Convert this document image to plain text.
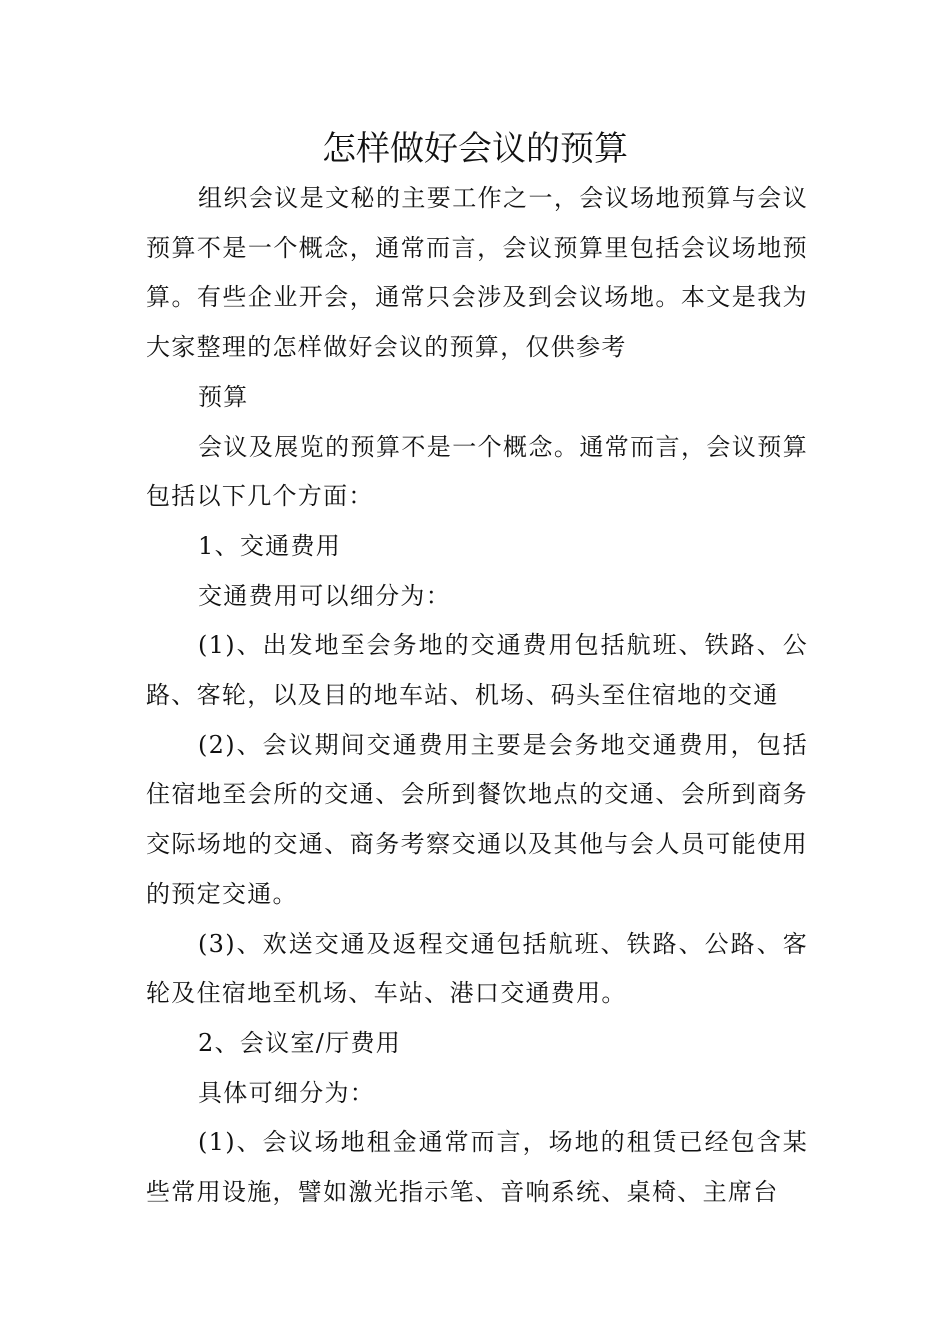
怎样做好会议的预算

组织会议是文秘的主要工作之一，会议场地预算与会议预算不是一个概念，通常而言，会议预算里包括会议场地预算。有些企业开会，通常只会涉及到会议场地。本文是我为大家整理的怎样做好会议的预算，仅供参考

预算

会议及展览的预算不是一个概念。通常而言，会议预算包括以下几个方面：

1、交通费用

交通费用可以细分为：

(1)、出发地至会务地的交通费用包括航班、铁路、公路、客轮，以及目的地车站、机场、码头至住宿地的交通

(2)、会议期间交通费用主要是会务地交通费用，包括住宿地至会所的交通、会所到餐饮地点的交通、会所到商务交际场地的交通、商务考察交通以及其他与会人员可能使用的预定交通。

(3)、欢送交通及返程交通包括航班、铁路、公路、客轮及住宿地至机场、车站、港口交通费用。

2、会议室/厅费用

具体可细分为：

(1)、会议场地租金通常而言，场地的租赁已经包含某些常用设施，譬如激光指示笔、音响系统、桌椅、主席台
